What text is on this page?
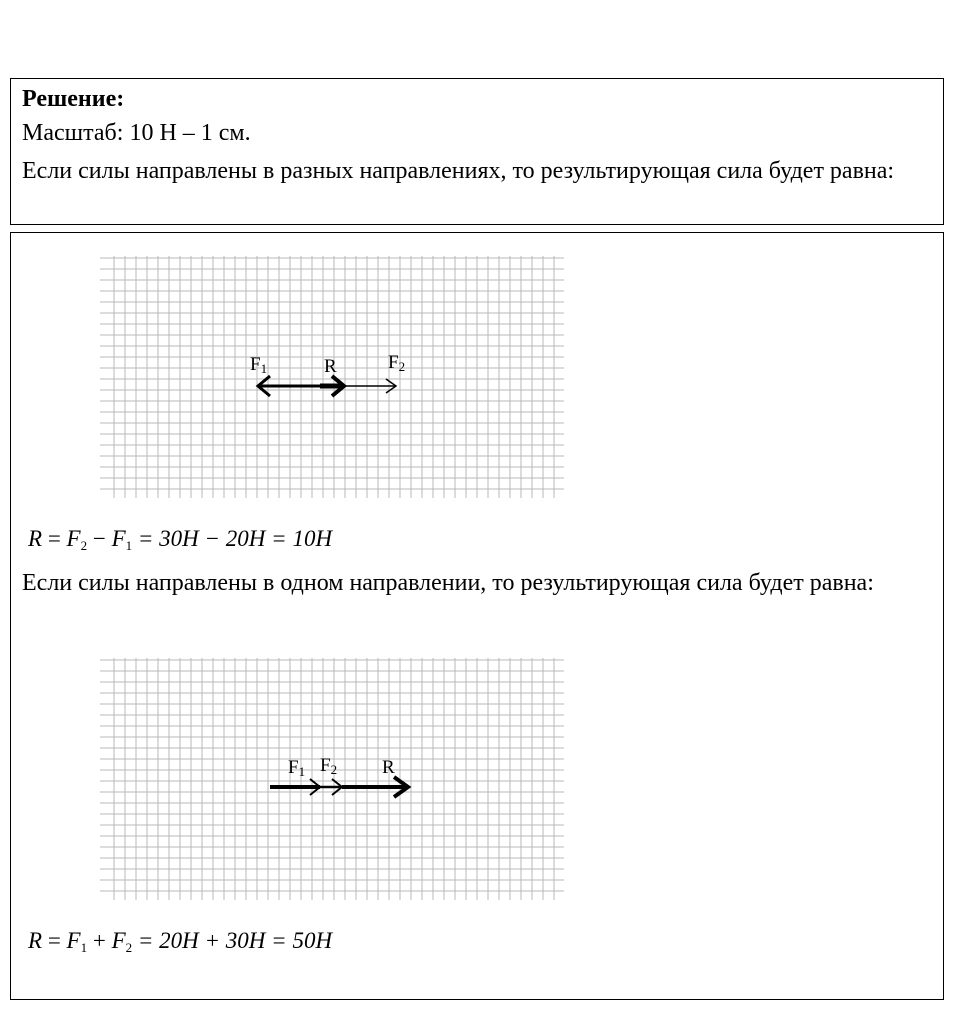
Решение:
Масштаб: 10 Н – 1 см.
Если силы направлены в разных направлениях, то результирующая сила будет равна:
F1	R	F2
$R = F_2 - F_1 = 30H - 20H = 10H$
Если силы направлены в одном направлении, то результирующая сила будет равна:
F1 F2 R
$R = F_1 + F_2 = 20H + 30H = 50H$
